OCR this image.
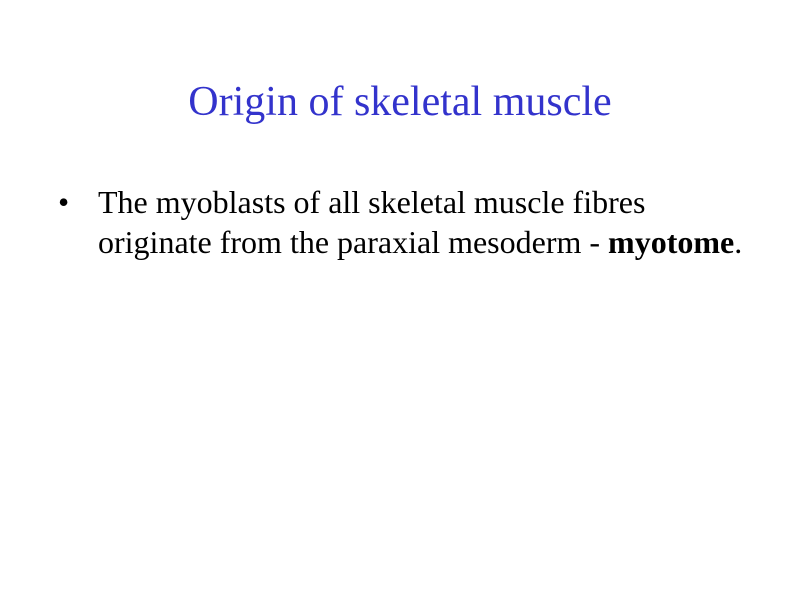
Origin of skeletal muscle
• The myoblasts of all skeletal muscle fibres originate from the paraxial mesoderm - myotome.
